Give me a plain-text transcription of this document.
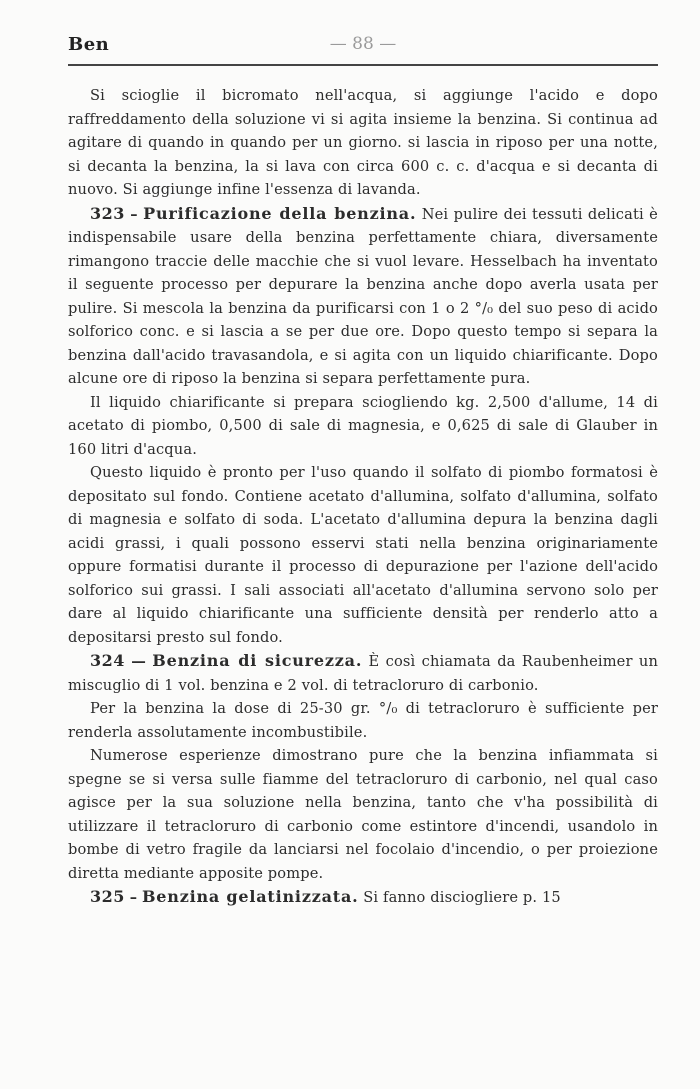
Ben	— 88 —

Si scioglie il bicromato nell'acqua, si aggiunge l'acido e dopo raffreddamento della soluzione vi si agita insieme la benzina. Si continua ad agitare di quando in quando per un giorno. si lascia in riposo per una notte, si decanta la benzina, la si lava con circa 600 c. c. d'acqua e si decanta di nuovo. Si aggiunge infine l'essenza di lavanda.

323 – Purificazione della benzina. Nei pulire dei tessuti delicati è indispensabile usare della benzina perfettamente chiara, diversamente rimangono traccie delle macchie che si vuol levare. Hesselbach ha inventato il seguente processo per depurare la benzina anche dopo averla usata per pulire. Si mescola la benzina da purificarsi con 1 o 2 °/₀ del suo peso di acido solforico conc. e si lascia a se per due ore. Dopo questo tempo si separa la benzina dall'acido travasandola, e si agita con un liquido chiarificante. Dopo alcune ore di riposo la benzina si separa perfettamente pura.

Il liquido chiarificante si prepara sciogliendo kg. 2,500 d'allume, 14 di acetato di piombo, 0,500 di sale di magnesia, e 0,625 di sale di Glauber in 160 litri d'acqua.

Questo liquido è pronto per l'uso quando il solfato di piombo formatosi è depositato sul fondo. Contiene acetato d'allumina, solfato d'allumina, solfato di magnesia e solfato di soda. L'acetato d'allumina depura la benzina dagli acidi grassi, i quali possono esservi stati nella benzina originariamente oppure formatisi durante il processo di depurazione per l'azione dell'acido solforico sui grassi. I sali associati all'acetato d'allumina servono solo per dare al liquido chiarificante una sufficiente densità per renderlo atto a depositarsi presto sul fondo.

324 — Benzina di sicurezza. È così chiamata da Raubenheimer un miscuglio di 1 vol. benzina e 2 vol. di tetracloruro di carbonio.

Per la benzina la dose di 25-30 gr. °/₀ di tetracloruro è sufficiente per renderla assolutamente incombustibile.

Numerose esperienze dimostrano pure che la benzina infiammata si spegne se si versa sulle fiamme del tetracloruro di carbonio, nel qual caso agisce per la sua soluzione nella benzina, tanto che v'ha possibilità di utilizzare il tetracloruro di carbonio come estintore d'incendi, usandolo in bombe di vetro fragile da lanciarsi nel focolaio d'incendio, o per proiezione diretta mediante apposite pompe.

325 – Benzina gelatinizzata. Si fanno disciogliere p. 15
